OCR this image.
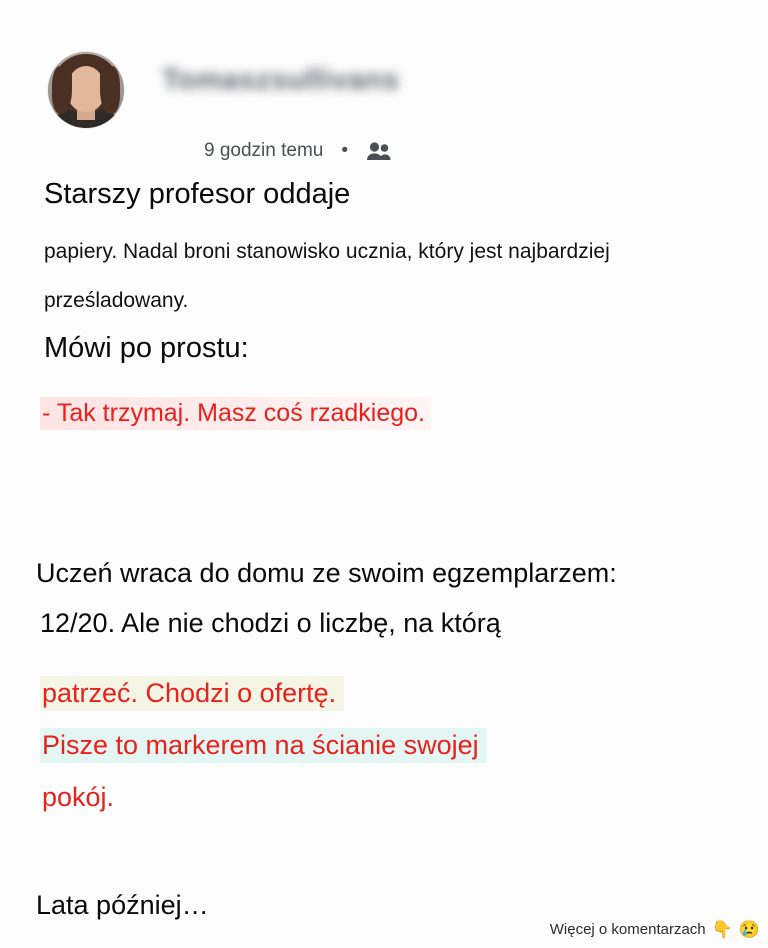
Tomaszsullivans
9 godzin temu •
Starszy profesor oddaje
papiery. Nadal broni stanowisko ucznia, który jest najbardziej
prześladowany.
Mówi po prostu:
- Tak trzymaj. Masz coś rzadkiego.
Uczeń wraca do domu ze swoim egzemplarzem:
12/20. Ale nie chodzi o liczbę, na którą
patrzeć. Chodzi o ofertę.
Pisze to markerem na ścianie swojej
pokój.
Lata później…
Więcej o komentarzach 👇 😢
